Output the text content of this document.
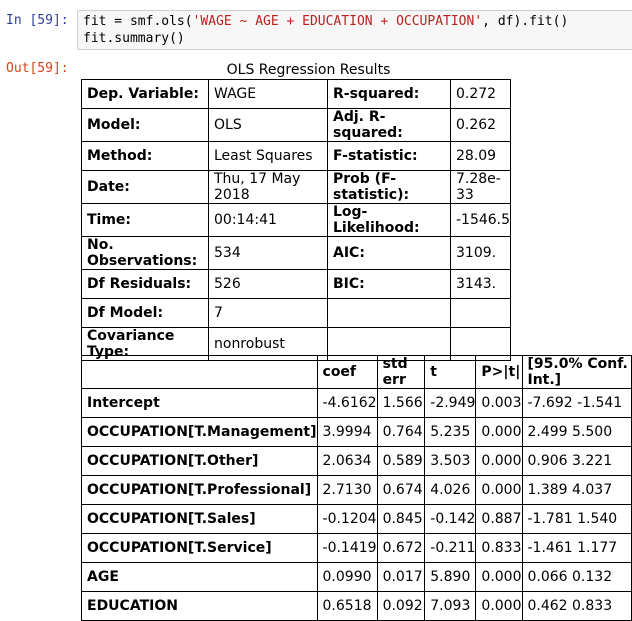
In [59]:	fit = smf.ols('WAGE ~ AGE + EDUCATION + OCCUPATION', df).fit()
fit.summary()
Out[59]:	OLS Regression Results
Dep. Variable:	WAGE	R-squared:	0.272
Model:	OLS	Adj. R-squared:	0.262
Method:	Least Squares	F-statistic:	28.09
Date:	Thu, 17 May 2018	Prob (F-statistic):	7.28e-33
Time:	00:14:41	Log-Likelihood:	-1546.5
No. Observations:	534	AIC:	3109.
Df Residuals:	526	BIC:	3143.
Df Model:	7		
Covariance Type:	nonrobust		
	coef	std err	t	P>|t|	[95.0% Conf. Int.]
Intercept	-4.6162	1.566	-2.949	0.003	-7.692 -1.541
OCCUPATION[T.Management]	3.9994	0.764	5.235	0.000	2.499 5.500
OCCUPATION[T.Other]	2.0634	0.589	3.503	0.000	0.906 3.221
OCCUPATION[T.Professional]	2.7130	0.674	4.026	0.000	1.389 4.037
OCCUPATION[T.Sales]	-0.1204	0.845	-0.142	0.887	-1.781 1.540
OCCUPATION[T.Service]	-0.1419	0.672	-0.211	0.833	-1.461 1.177
AGE	0.0990	0.017	5.890	0.000	0.066 0.132
EDUCATION	0.6518	0.092	7.093	0.000	0.462 0.833
